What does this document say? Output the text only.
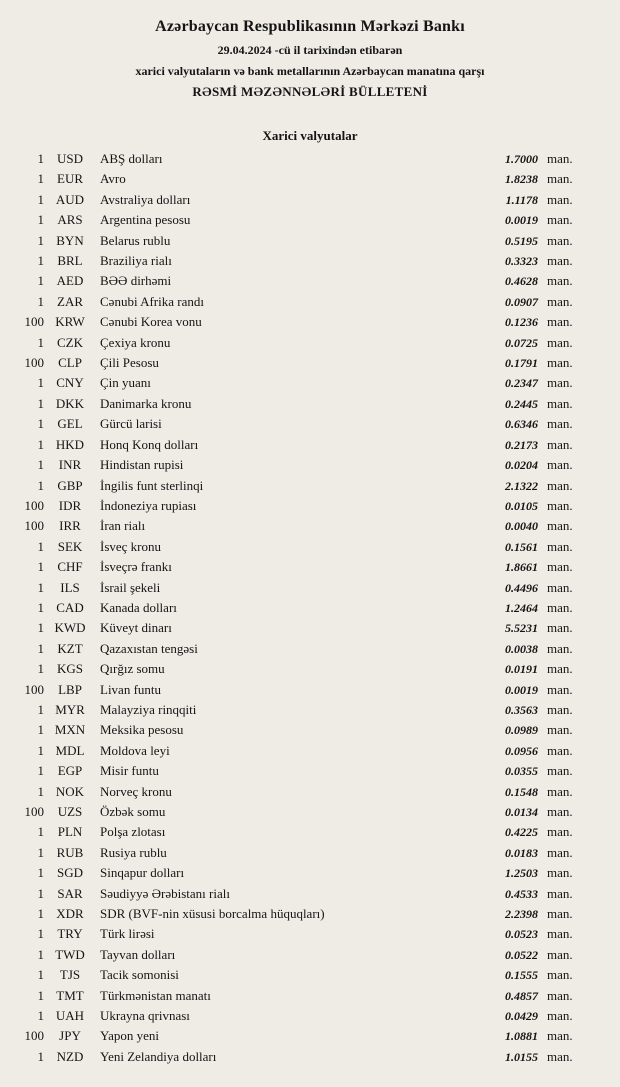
Azərbaycan Respublikasının Mərkəzi Bankı
29.04.2024 -cü il tarixindən etibarən
xarici valyutaların və bank metallarının Azərbaycan manatına qarşı
RƏSMİ MƏZƏNNƏLƏRİ BÜLLETENİ
Xarici valyutalar
1 USD	ABŞ dolları	1.7000 man.
1	EUR	Avro	1.8238 man.
1 AUD	Avstraliya dolları	1.1178 man.
1	ARS	Argentina pesosu	0.0019 man.
1 BYN	Belarus rublu	0.5195 man.
1	BRL	Braziliya rialı	0.3323 man.
1 AED	BƏƏ dirhəmi	0.4628 man.
1	ZAR	Cənubi Afrika randı	0.0907 man.
100 KRW	Cənubi Korea vonu	0.1236 man.
1	CZK	Çexiya kronu	0.0725 man.
100	CLP	Çili Pesosu	0.1791 man.
1 CNY	Çin yuanı	0.2347 man.
1 DKK	Danimarka kronu	0.2445 man.
1	GEL	Gürcü larisi	0.6346 man.
1 HKD	Honq Konq dolları	0.2173 man.
1	INR	Hindistan rupisi	0.0204 man.
1	GBP	İngilis funt sterlinqi	2.1322 man.
100	IDR	İndoneziya rupiası	0.0105 man.
100	IRR	İran rialı	0.0040 man.
1	SEK	İsveç kronu	0.1561 man.
1	CHF	İsveçrə frankı	1.8661 man.
1	ILS	İsrail şekeli	0.4496 man.
1 CAD	Kanada dolları	1.2464 man.
1 KWD	Küveyt dinarı	5.5231 man.
1	KZT	Qazaxıstan tengəsi	0.0038 man.
1 KGS	Qırğız somu	0.0191 man.
100	LBP	Livan funtu	0.0019 man.
1 MYR	Malayziya rinqqiti	0.3563 man.
1 MXN	Meksika pesosu	0.0989 man.
1 MDL	Moldova leyi	0.0956 man.
1	EGP	Misir funtu	0.0355 man.
1 NOK	Norveç kronu	0.1548 man.
100	UZS	Özbək somu	0.0134 man.
1	PLN	Polşa zlotası	0.4225 man.
1 RUB	Rusiya rublu	0.0183 man.
1 SGD	Sinqapur dolları	1.2503 man.
1	SAR	Səudiyyə Ərəbistanı rialı	0.4533 man.
1 XDR	SDR (BVF-nin xüsusi borcalma hüquqları)	2.2398 man.
1	TRY	Türk lirəsi	0.0523 man.
1 TWD	Tayvan dolları	0.0522 man.
1	TJS	Tacik somonisi	0.1555 man.
1 TMT	Türkmənistan manatı	0.4857 man.
1 UAH	Ukrayna qrivnası	0.0429 man.
100	JPY	Yapon yeni	1.0881 man.
1 NZD	Yeni Zelandiya dolları	1.0155 man.
